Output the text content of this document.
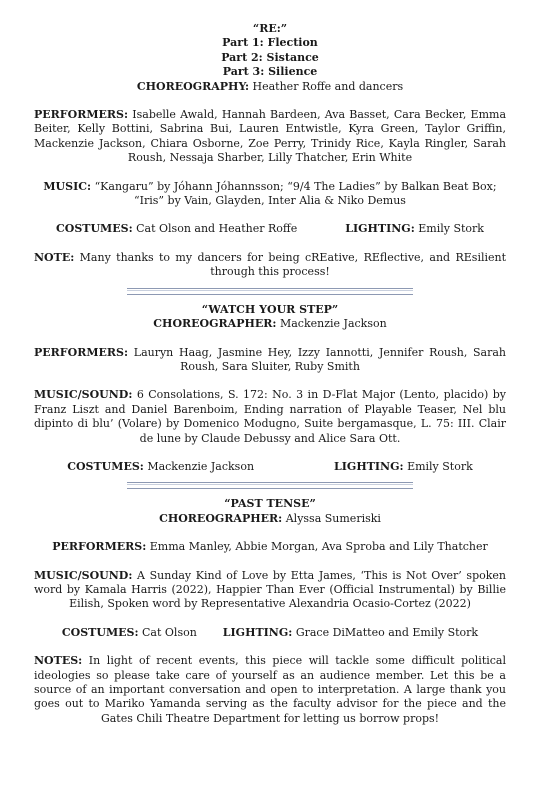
“RE:”
Part 1: Flection
Part 2: Sistance
Part 3: Silience
CHOREOGRAPHY: Heather Roffe and dancers

PERFORMERS: Isabelle Awald, Hannah Bardeen, Ava Basset, Cara Becker, Emma Beiter, Kelly Bottini, Sabrina Bui, Lauren Entwistle, Kyra Green, Taylor Griffin, Mackenzie Jackson, Chiara Osborne, Zoe Perry, Trinidy Rice, Kayla Ringler, Sarah Roush, Nessaja Sharber, Lilly Thatcher, Erin White

MUSIC: “Kangaru” by Jóhann Jóhannsson; “9/4 The Ladies” by Balkan Beat Box; “Iris” by Vain, Glayden, Inter Alia & Niko Demus

COSTUMES: Cat Olson and Heather Roffe	LIGHTING: Emily Stork

NOTE: Many thanks to my dancers for being cREative, REflective, and REsilient through this process!

“WATCH YOUR STEP”
CHOREOGRAPHER: Mackenzie Jackson

PERFORMERS: Lauryn Haag, Jasmine Hey, Izzy Iannotti, Jennifer Roush, Sarah Roush, Sara Sluiter, Ruby Smith

MUSIC/SOUND: 6 Consolations, S. 172: No. 3 in D-Flat Major (Lento, placido) by Franz Liszt and Daniel Barenboim, Ending narration of Playable Teaser, Nel blu dipinto di blu’ (Volare) by Domenico Modugno, Suite bergamasque, L. 75: III. Clair de lune by Claude Debussy and Alice Sara Ott.

COSTUMES: Mackenzie Jackson	LIGHTING: Emily Stork
“PAST TENSE”
CHOREOGRAPHER: Alyssa Sumeriski

PERFORMERS: Emma Manley, Abbie Morgan, Ava Sproba and Lily Thatcher

MUSIC/SOUND: A Sunday Kind of Love by Etta James, ‘This is Not Over’ spoken word by Kamala Harris (2022), Happier Than Ever (Official Instrumental) by Billie Eilish, Spoken word by Representative Alexandria Ocasio-Cortez (2022)

COSTUMES: Cat Olson LIGHTING: Grace DiMatteo and Emily Stork

NOTES: In light of recent events, this piece will tackle some difficult political ideologies so please take care of yourself as an audience member. Let this be a source of an important conversation and open to interpretation. A large thank you goes out to Mariko Yamanda serving as the faculty advisor for the piece and the Gates Chili Theatre Department for letting us borrow props!
